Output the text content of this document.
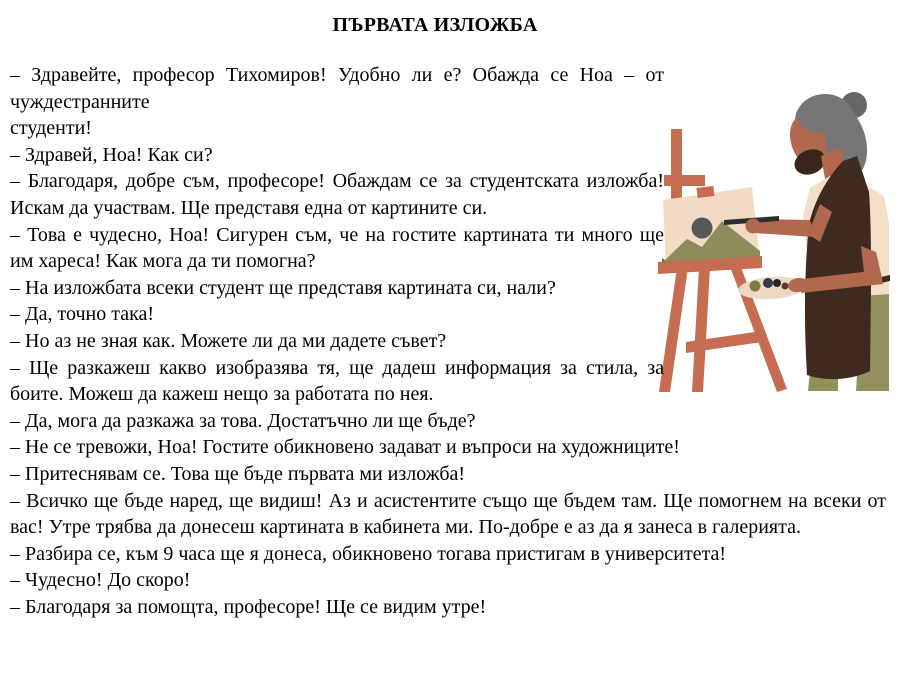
ПЪРВАТА ИЗЛОЖБА

– Здравейте, професор Тихомиров! Удобно ли е? Обажда се Ноа – от чуждестранните

студенти!

– Здравей, Ноа! Как си?

– Благодаря, добре съм, професоре! Обаждам се за студентската изложба! Искам да участвам. Ще представя една от картините си.

– Това е чудесно, Ноа! Сигурен съм, че на гостите картината ти много ще им хареса! Как мога да ти помогна?

– На изложбата всеки студент ще представя картината си, нали?

– Да, точно така!

– Но аз не зная как. Можете ли да ми дадете съвет?

– Ще разкажеш какво изобразява тя, ще дадеш информация за стила, за боите. Можеш да кажеш нещо за работата по нея.

– Да, мога да разкажа за това. Достатъчно ли ще бъде?

– Не се тревожи, Ноа! Гостите обикновено задават и въпроси на художниците!

– Притеснявам се. Това ще бъде първата ми изложба!

– Всичко ще бъде наред, ще видиш! Аз и асистентите също ще бъдем там. Ще помогнем на всеки от вас! Утре трябва да донесеш картината в кабинета ми. По-добре е аз да я занеса в галерията.

– Разбира се, към 9 часа ще я донеса, обикновено тогава пристигам в университета!

– Чудесно! До скоро!

– Благодаря за помощта, професоре! Ще се видим утре!
